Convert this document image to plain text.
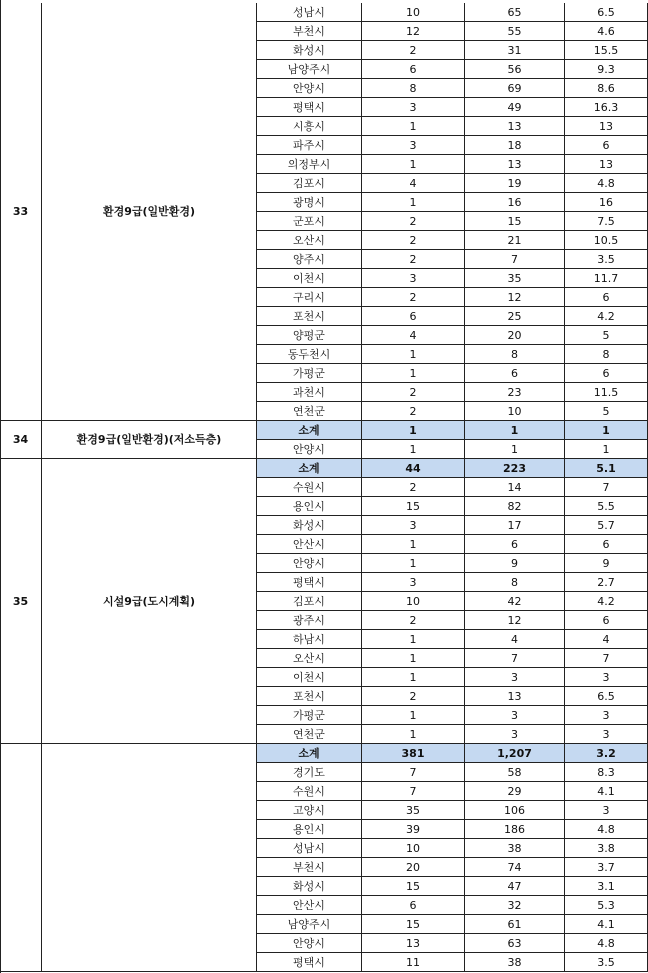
33	환경9급(일반환경)
성남시	10	65	6.5
부천시	12	55	4.6
화성시	2	31	15.5
남양주시	6	56	9.3
안양시	8	69	8.6
평택시	3	49	16.3
시흥시	1	13	13
파주시	3	18	6
의정부시	1	13	13
김포시	4	19	4.8
광명시	1	16	16
군포시	2	15	7.5
오산시	2	21	10.5
양주시	2	7	3.5
이천시	3	35	11.7
구리시	2	12	6
포천시	6	25	4.2
양평군	4	20	5
동두천시	1	8	8
가평군	1	6	6
과천시	2	23	11.5
연천군	2	10	5
34	환경9급(일반환경)(저소득층)
소계	1	1	1
안양시	1	1	1
35	시설9급(도시계획)
소계	44	223	5.1
수원시	2	14	7
용인시	15	82	5.5
화성시	3	17	5.7
안산시	1	6	6
안양시	1	9	9
평택시	3	8	2.7
김포시	10	42	4.2
광주시	2	12	6
하남시	1	4	4
오산시	1	7	7
이천시	1	3	3
포천시	2	13	6.5
가평군	1	3	3
연천군	1	3	3
소계	381	1,207	3.2
경기도	7	58	8.3
수원시	7	29	4.1
고양시	35	106	3
용인시	39	186	4.8
성남시	10	38	3.8
부천시	20	74	3.7
화성시	15	47	3.1
안산시	6	32	5.3
남양주시	15	61	4.1
안양시	13	63	4.8
평택시	11	38	3.5
